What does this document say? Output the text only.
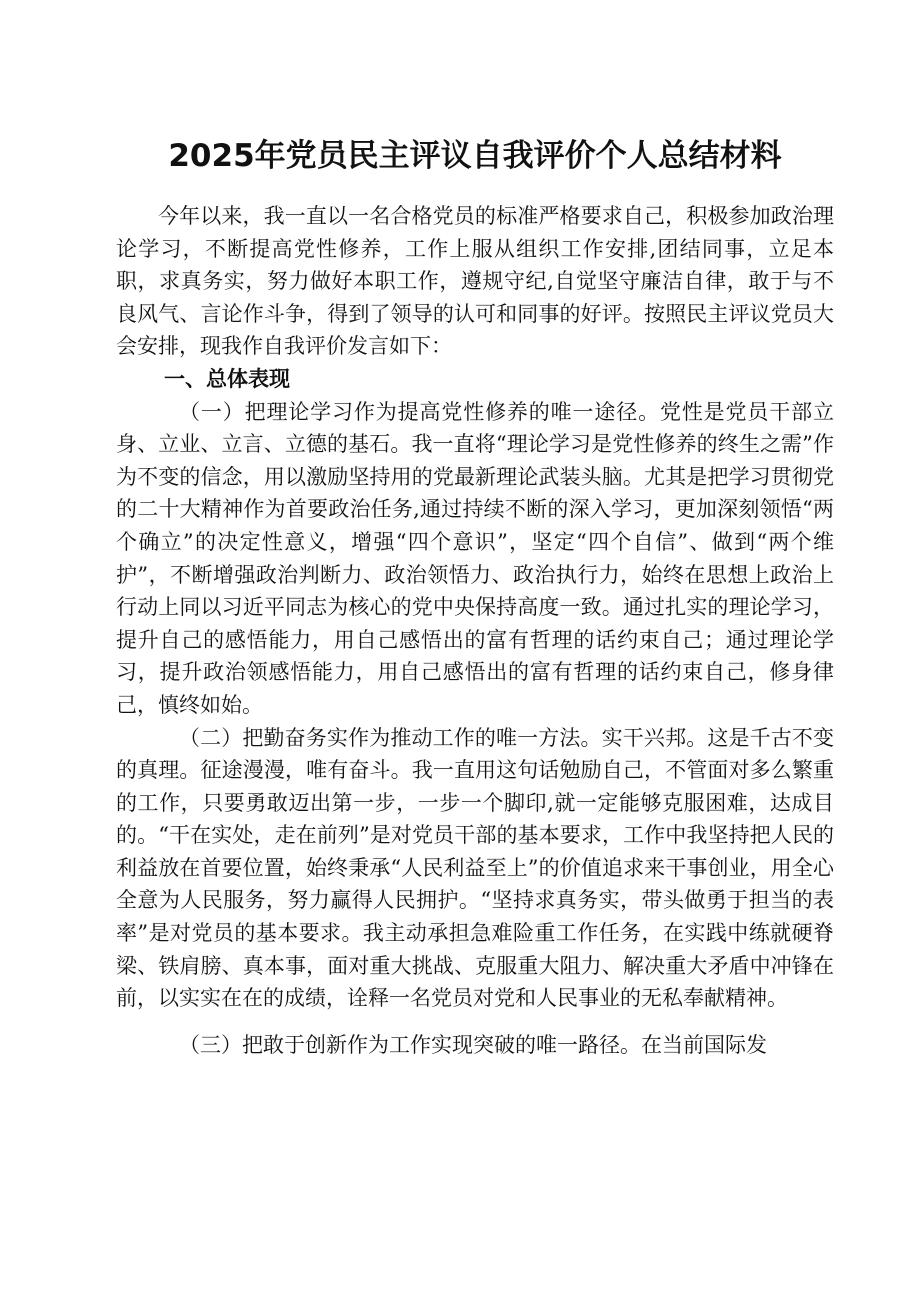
2025年党员民主评议自我评价个人总结材料

今年以来，我一直以一名合格党员的标准严格要求自己，积极参加政治理论学习，不断提高党性修养，工作上服从组织工作安排,团结同事，立足本职，求真务实，努力做好本职工作，遵规守纪,自觉坚守廉洁自律，敢于与不良风气、言论作斗争，得到了领导的认可和同事的好评。按照民主评议党员大会安排，现我作自我评价发言如下：

一、总体表现

（一）把理论学习作为提高党性修养的唯一途径。党性是党员干部立身、立业、立言、立德的基石。我一直将“理论学习是党性修养的终生之需”作为不变的信念，用以激励坚持用的党最新理论武装头脑。尤其是把学习贯彻党的二十大精神作为首要政治任务,通过持续不断的深入学习，更加深刻领悟“两个确立”的决定性意义，增强“四个意识”，坚定“四个自信”、做到“两个维护”，不断增强政治判断力、政治领悟力、政治执行力，始终在思想上政治上行动上同以习近平同志为核心的党中央保持高度一致。通过扎实的理论学习，提升自己的感悟能力，用自己感悟出的富有哲理的话约束自己；通过理论学习，提升政治领感悟能力，用自己感悟出的富有哲理的话约束自己，修身律己，慎终如始。

（二）把勤奋务实作为推动工作的唯一方法。实干兴邦。这是千古不变的真理。征途漫漫，唯有奋斗。我一直用这句话勉励自己，不管面对多么繁重的工作，只要勇敢迈出第一步，一步一个脚印,就一定能够克服困难，达成目的。“干在实处，走在前列”是对党员干部的基本要求，工作中我坚持把人民的利益放在首要位置，始终秉承“人民利益至上”的价值追求来干事创业，用全心全意为人民服务，努力赢得人民拥护。“坚持求真务实，带头做勇于担当的表率”是对党员的基本要求。我主动承担急难险重工作任务，在实践中练就硬脊梁、铁肩膀、真本事，面对重大挑战、克服重大阻力、解决重大矛盾中冲锋在前，以实实在在的成绩，诠释一名党员对党和人民事业的无私奉献精神。

（三）把敢于创新作为工作实现突破的唯一路径。在当前国际发
